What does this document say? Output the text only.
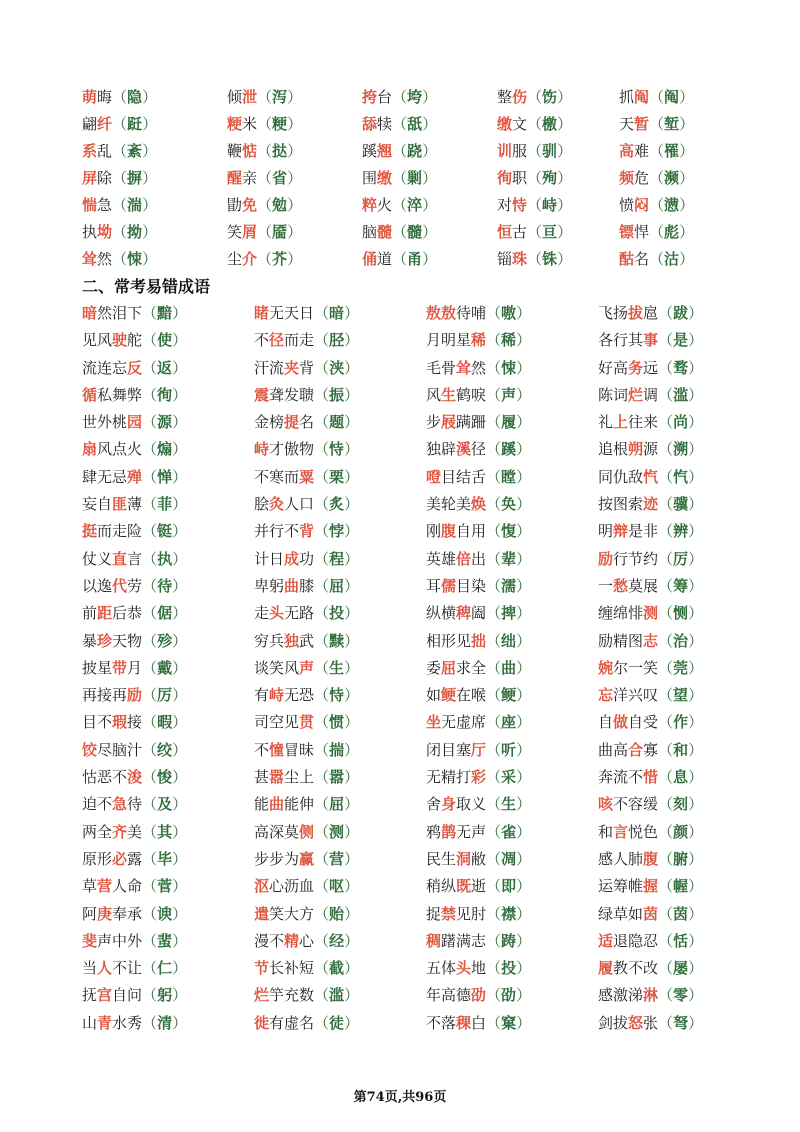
萌晦（隐）	倾泄（泻）	挎台（垮）	整伤（饬）	抓阄（阄）
翩纤（跹）	粳米（粳）	舔犊（舐）	缴文（檄）	天暂（堑）
系乱（紊）	鞭惦（挞）	蹊翘（跷）	训服（驯）	高难（罹）
屏除（摒）	醒亲（省）	围缴（剿）	徇职（殉）	频危（濒）
惴急（湍）	勖免（勉）	粹火（淬）	对恃（峙）	愤闷（懑）
执坳（拗）	笑屑（靥）	脑髓（髓）	恒古（亘）	镖悍（彪）
耸然（悚）	尘介（芥）	俑道（甬）	锱珠（铢）	酤名（沽）
二、常考易错成语
暗然泪下（黯）	睹无天日（暗）	敖敖待哺（嗷）	飞扬拔扈（跋）
见风驶舵（使）	不径而走（胫）	月明星稀（稀）	各行其事（是）
流连忘反（返）	汗流夹背（浃）	毛骨耸然（悚）	好高务远（骛）
循私舞弊（徇）	震聋发聩（振）	风生鹤唳（声）	陈词烂调（滥）
世外桃园（源）	金榜提名（题）	步屐蹒跚（履）	礼上往来（尚）
扇风点火（煽）	峙才傲物（恃）	独辟溪径（蹊）	追根朔源（溯）
肆无忌殚（惮）	不寒而粟（栗）	噔目结舌（瞠）	同仇敌忾（忾）
妄自匪薄（菲）	脍灸人口（炙）	美轮美焕（奂）	按图索迹（骥）
挺而走险（铤）	并行不背（悖）	刚腹自用（愎）	明辩是非（辨）
仗义直言（执）	计日成功（程）	英雄倍出（辈）	励行节约（厉）
以逸代劳（待）	卑躬曲膝（屈）	耳儒目染（濡）	一愁莫展（筹）
前距后恭（倨）	走头无路（投）	纵横稗阖（捭）	缠绵悱测（恻）
暴珍天物（殄）	穷兵独武（黩）	相形见拙（绌）	励精图志（治）
披星带月（戴）	谈笑风声（生）	委屈求全（曲）	婉尔一笑（莞）
再接再励（厉）	有峙无恐（恃）	如鲠在喉（鲠）	忘洋兴叹（望）
目不瑕接（暇）	司空见贯（惯）	坐无虚席（座）	自做自受（作）
饺尽脑汁（绞）	不憧冒昧（揣）	闭目塞厅（听）	曲高合寡（和）
怙恶不浚（悛）	甚嚣尘上（嚣）	无精打彩（采）	奔流不惜（息）
迫不急待（及）	能曲能伸（屈）	舍身取义（生）	咳不容缓（刻）
两全齐美（其）	高深莫侧（测）	鸦鹊无声（雀）	和言悦色（颜）
原形必露（毕）	步步为赢（营）	民生洞敝（凋）	感人肺腹（腑）
草营人命（菅）	沤心沥血（呕）	稍纵既逝（即）	运筹帷握（幄）
阿庚奉承（谀）	遣笑大方（贻）	捉禁见肘（襟）	绿草如茵（茵）
斐声中外（蜚）	漫不精心（经）	稠躇满志（踌）	适退隐忍（恬）
当人不让（仁）	节长补短（截）	五体头地（投）	履教不改（屡）
抚宫自问（躬）	烂竽充数（滥）	年高德劭（劭）	感激涕淋（零）
山青水秀（清）	徙有虚名（徒）	不落稞白（窠）	剑拔怒张（弩）
第74页,共96页
